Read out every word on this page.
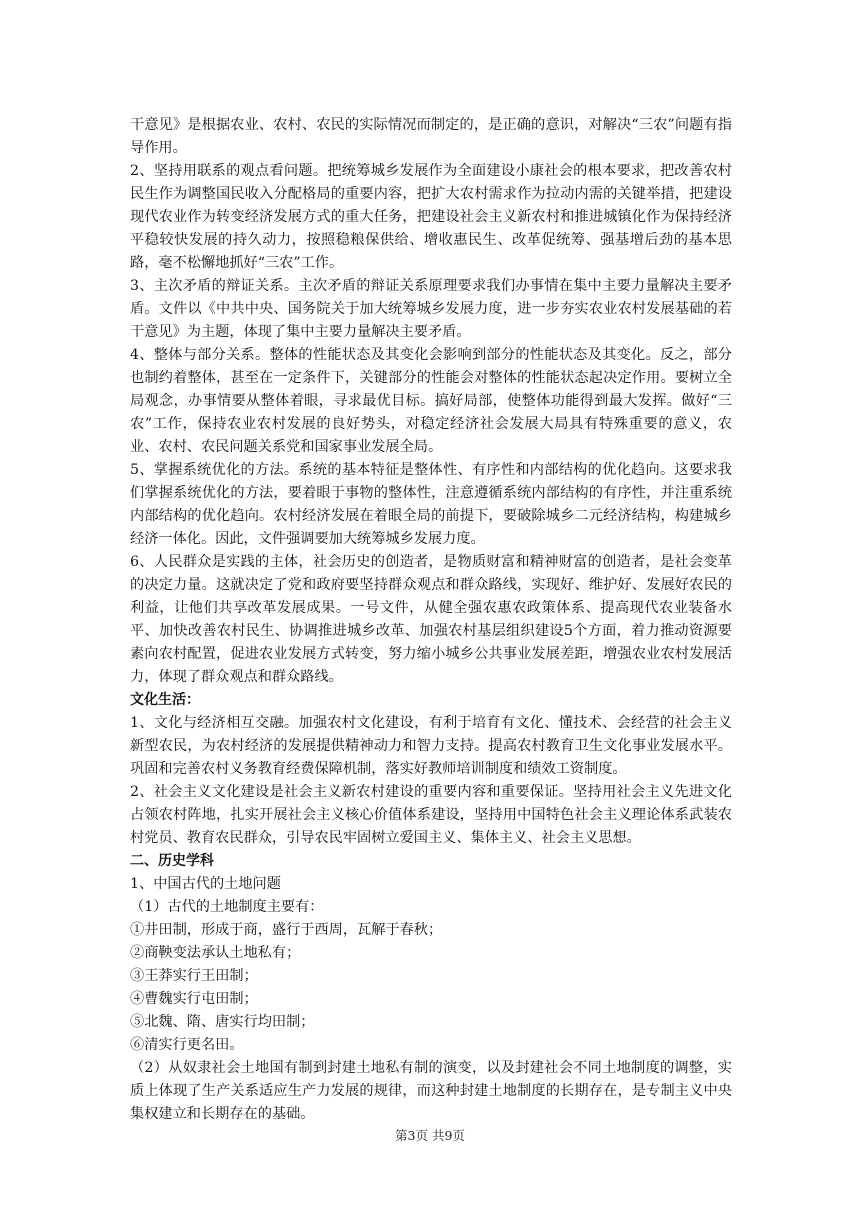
干意见》是根据农业、农村、农民的实际情况而制定的，是正确的意识，对解决“三农”问题有指导作用。

2、坚持用联系的观点看问题。把统筹城乡发展作为全面建设小康社会的根本要求，把改善农村民生作为调整国民收入分配格局的重要内容，把扩大农村需求作为拉动内需的关键举措，把建设现代农业作为转变经济发展方式的重大任务，把建设社会主义新农村和推进城镇化作为保持经济平稳较快发展的持久动力，按照稳粮保供给、增收惠民生、改革促统筹、强基增后劲的基本思路，毫不松懈地抓好“三农”工作。

3、主次矛盾的辩证关系。主次矛盾的辩证关系原理要求我们办事情在集中主要力量解决主要矛盾。文件以《中共中央、国务院关于加大统筹城乡发展力度，进一步夯实农业农村发展基础的若干意见》为主题，体现了集中主要力量解决主要矛盾。

4、整体与部分关系。整体的性能状态及其变化会影响到部分的性能状态及其变化。反之，部分也制约着整体，甚至在一定条件下，关键部分的性能会对整体的性能状态起决定作用。要树立全局观念，办事情要从整体着眼，寻求最优目标。搞好局部，使整体功能得到最大发挥。做好“三农”工作，保持农业农村发展的良好势头，对稳定经济社会发展大局具有特殊重要的意义，农业、农村、农民问题关系党和国家事业发展全局。

5、掌握系统优化的方法。系统的基本特征是整体性、有序性和内部结构的优化趋向。这要求我们掌握系统优化的方法，要着眼于事物的整体性，注意遵循系统内部结构的有序性，并注重系统内部结构的优化趋向。农村经济发展在着眼全局的前提下，要破除城乡二元经济结构，构建城乡经济一体化。因此，文件强调要加大统筹城乡发展力度。

6、人民群众是实践的主体，社会历史的创造者，是物质财富和精神财富的创造者，是社会变革的决定力量。这就决定了党和政府要坚持群众观点和群众路线，实现好、维护好、发展好农民的利益，让他们共享改革发展成果。一号文件，从健全强农惠农政策体系、提高现代农业装备水平、加快改善农村民生、协调推进城乡改革、加强农村基层组织建设5个方面，着力推动资源要素向农村配置，促进农业发展方式转变，努力缩小城乡公共事业发展差距，增强农业农村发展活力，体现了群众观点和群众路线。

文化生活：

1、文化与经济相互交融。加强农村文化建设，有利于培育有文化、懂技术、会经营的社会主义新型农民，为农村经济的发展提供精神动力和智力支持。提高农村教育卫生文化事业发展水平。巩固和完善农村义务教育经费保障机制，落实好教师培训制度和绩效工资制度。

2、社会主义文化建设是社会主义新农村建设的重要内容和重要保证。坚持用社会主义先进文化占领农村阵地，扎实开展社会主义核心价值体系建设，坚持用中国特色社会主义理论体系武装农村党员、教育农民群众，引导农民牢固树立爱国主义、集体主义、社会主义思想。

二、历史学科

1、中国古代的土地问题

（1）古代的土地制度主要有：

①井田制，形成于商，盛行于西周，瓦解于春秋；

②商鞅变法承认土地私有；

③王莽实行王田制；

④曹魏实行屯田制；

⑤北魏、隋、唐实行均田制；

⑥清实行更名田。

（2）从奴隶社会土地国有制到封建土地私有制的演变，以及封建社会不同土地制度的调整，实质上体现了生产关系适应生产力发展的规律，而这种封建土地制度的长期存在，是专制主义中央集权建立和长期存在的基础。

第3页 共9页
